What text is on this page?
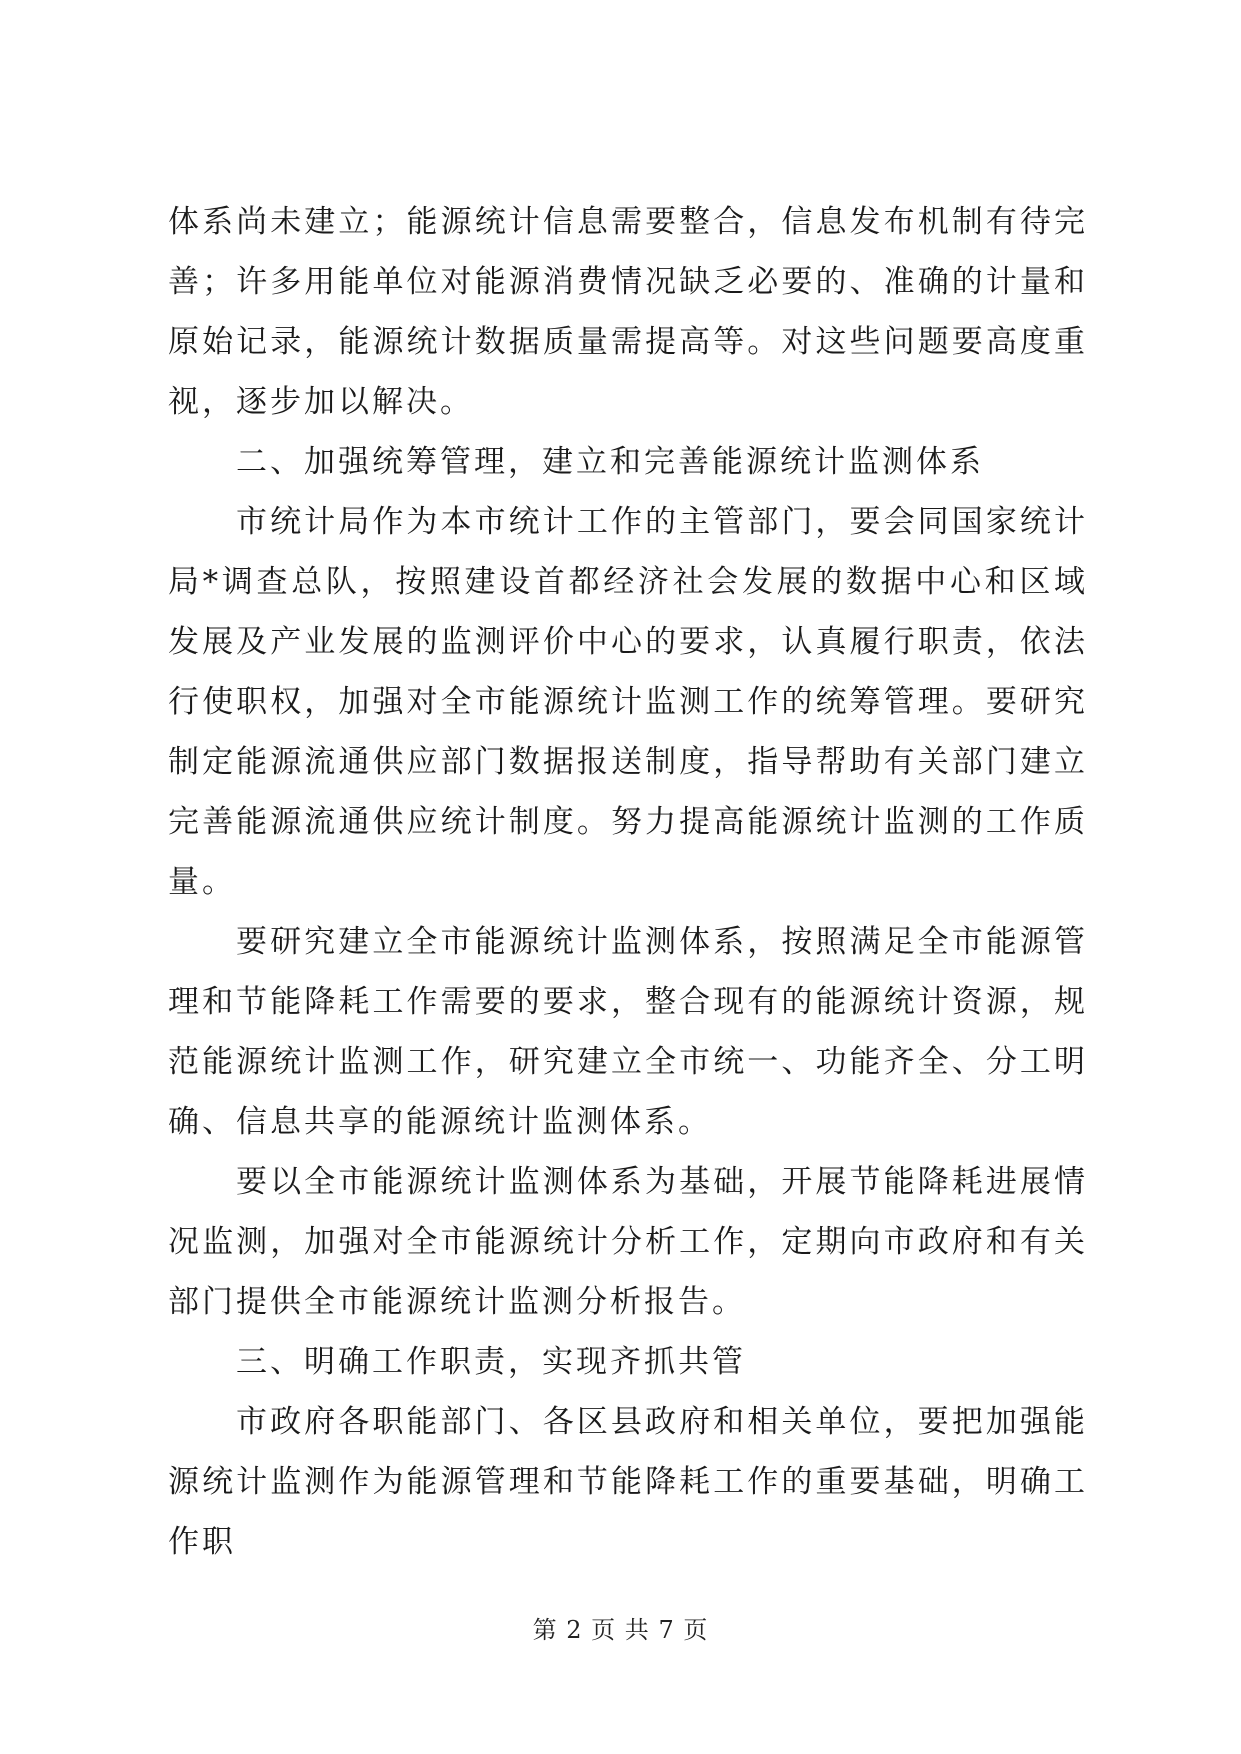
体系尚未建立；能源统计信息需要整合，信息发布机制有待完善；许多用能单位对能源消费情况缺乏必要的、准确的计量和原始记录，能源统计数据质量需提高等。对这些问题要高度重视，逐步加以解决。

二、加强统筹管理，建立和完善能源统计监测体系

市统计局作为本市统计工作的主管部门，要会同国家统计局*调查总队，按照建设首都经济社会发展的数据中心和区域发展及产业发展的监测评价中心的要求，认真履行职责，依法行使职权，加强对全市能源统计监测工作的统筹管理。要研究制定能源流通供应部门数据报送制度，指导帮助有关部门建立完善能源流通供应统计制度。努力提高能源统计监测的工作质量。

要研究建立全市能源统计监测体系，按照满足全市能源管理和节能降耗工作需要的要求，整合现有的能源统计资源，规范能源统计监测工作，研究建立全市统一、功能齐全、分工明确、信息共享的能源统计监测体系。

要以全市能源统计监测体系为基础，开展节能降耗进展情况监测，加强对全市能源统计分析工作，定期向市政府和有关部门提供全市能源统计监测分析报告。

三、明确工作职责，实现齐抓共管

市政府各职能部门、各区县政府和相关单位，要把加强能源统计监测作为能源管理和节能降耗工作的重要基础，明确工作职

第 2 页 共 7 页
